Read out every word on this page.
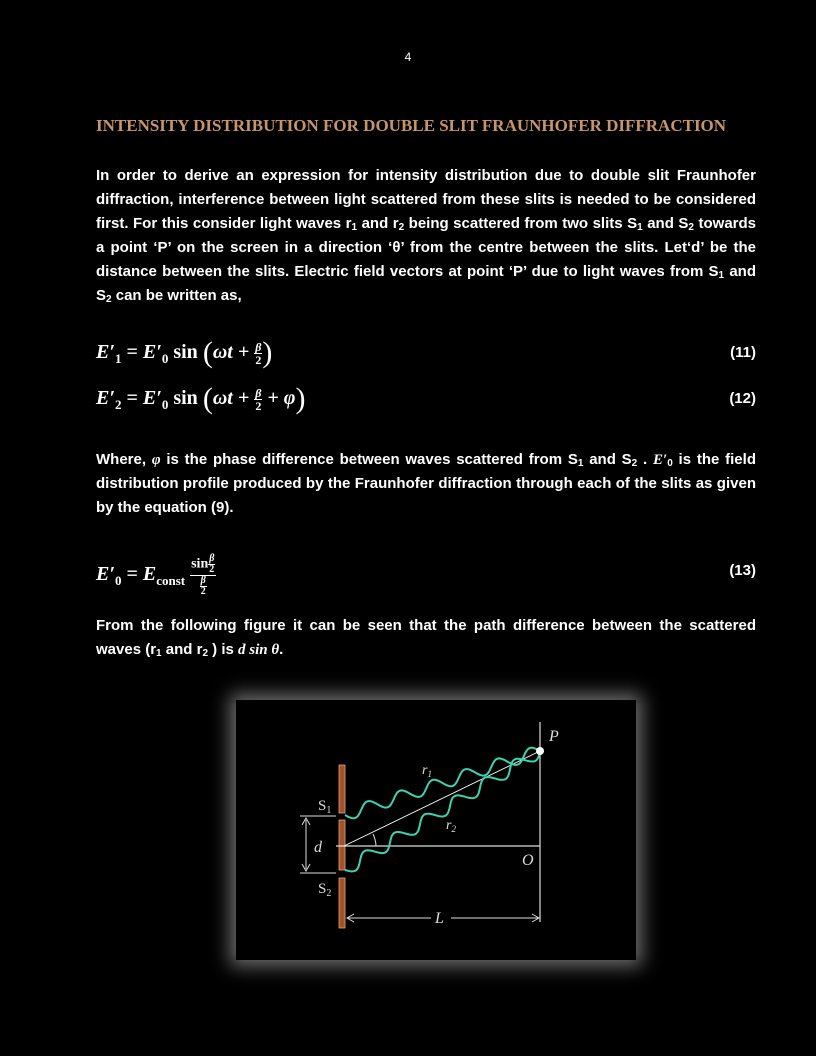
4
INTENSITY DISTRIBUTION FOR DOUBLE SLIT FRAUNHOFER DIFFRACTION
In order to derive an expression for intensity distribution due to double slit Fraunhofer diffraction, interference between light scattered from these slits is needed to be considered first. For this consider light waves $r_1$ and $r_2$ being scattered from two slits $S_1$ and $S_2$ towards a point ‘P’ on the screen in a direction ‘θ’ from the centre between the slits. Let‘d’ be the distance between the slits. Electric field vectors at point ‘P’ due to light waves from $S_1$ and $S_2$ can be written as,
$E'_1 = E'_0$ $\sin (\omega t + \frac{\beta}{2}$ )	(11)
$E'_2 = E'_0$ $\sin (\omega t + \frac{\beta}{2} + \varphi)$	(12)
Where, φ is the phase difference between waves scattered from $S_1$ and $S_2$ . $E'_0$ is the field distribution profile produced by the Fraunhofer diffraction through each of the slits as given by the equation (9).
$E'_0 = E_{const} \frac{\sin \frac{\beta}{2}}{\frac{\beta}{2}}$	(13)
From the following figure it can be seen that the path difference between the scattered waves ($r_1$ and $r_2$ ) is d sin θ.
P
$r_1$
$r_2$
$S_1$
$S_2$
d
O
L
